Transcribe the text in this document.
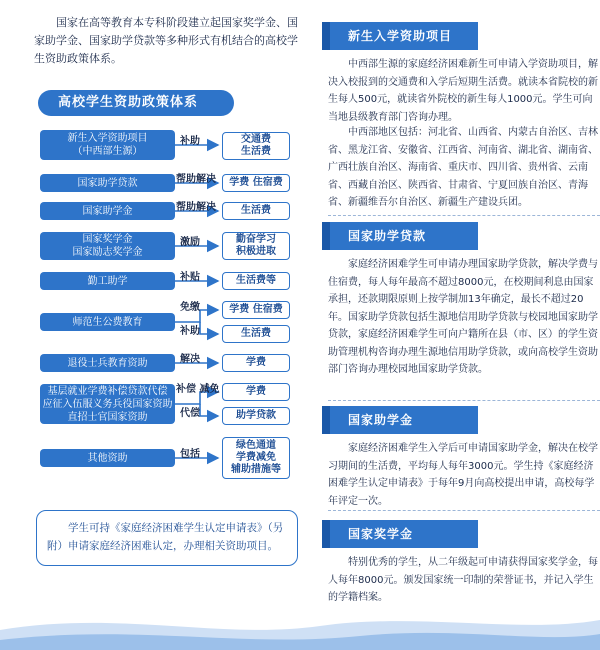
国家在高等教育本专科阶段建立起国家奖学金、国家助学金、国家助学贷款等多种形式有机结合的高校学生资助政策体系。

高校学生资助政策体系
新生入学资助项目
（中西部生源）
国家助学贷款
国家助学金
国家奖学金
国家励志奖学金
勤工助学
师范生公费教育
退役士兵教育资助
基层就业学费补偿贷款代偿
应征入伍服义务兵役国家资助
直招士官国家资助
其他资助
补助
帮助解决
帮助解决
激励
补贴
免缴
补助
解决
补偿 减免
代偿
包括
交通费
生活费
学费 住宿费
生活费
勤奋学习
积极进取
生活费等
学费 住宿费
生活费
学费
学费
助学贷款
绿色通道
学费减免
辅助措施等
学生可持《家庭经济困难学生认定申请表》（另附）申请家庭经济困难认定，办理相关资助项目。
新生入学资助项目

中西部生源的家庭经济困难新生可申请入学资助项目，解决入校报到的交通费和入学后短期生活费。就读本省院校的新生每人500元，就读省外院校的新生每人1000元。学生可向当地县级教育部门咨询办理。

中西部地区包括：河北省、山西省、内蒙古自治区、吉林省、黑龙江省、安徽省、江西省、河南省、湖北省、湖南省、广西壮族自治区、海南省、重庆市、四川省、贵州省、云南省、西藏自治区、陕西省、甘肃省、宁夏回族自治区、青海省、新疆维吾尔自治区、新疆生产建设兵团。

国家助学贷款

家庭经济困难学生可申请办理国家助学贷款，解决学费与住宿费，每人每年最高不超过8000元，在校期间利息由国家承担，还款期限原则上按学制加13年确定，最长不超过20年。国家助学贷款包括生源地信用助学贷款与校园地国家助学贷款，家庭经济困难学生可向户籍所在县（市、区）的学生资助管理机构咨询办理生源地信用助学贷款，或向高校学生资助部门咨询办理校园地国家助学贷款。

国家助学金

家庭经济困难学生入学后可申请国家助学金，解决在校学习期间的生活费，平均每人每年3000元。学生持《家庭经济困难学生认定申请表》于每年9月向高校提出申请，高校每学年评定一次。

国家奖学金

特别优秀的学生，从二年级起可申请获得国家奖学金，每人每年8000元。颁发国家统一印制的荣誉证书，并记入学生的学籍档案。
